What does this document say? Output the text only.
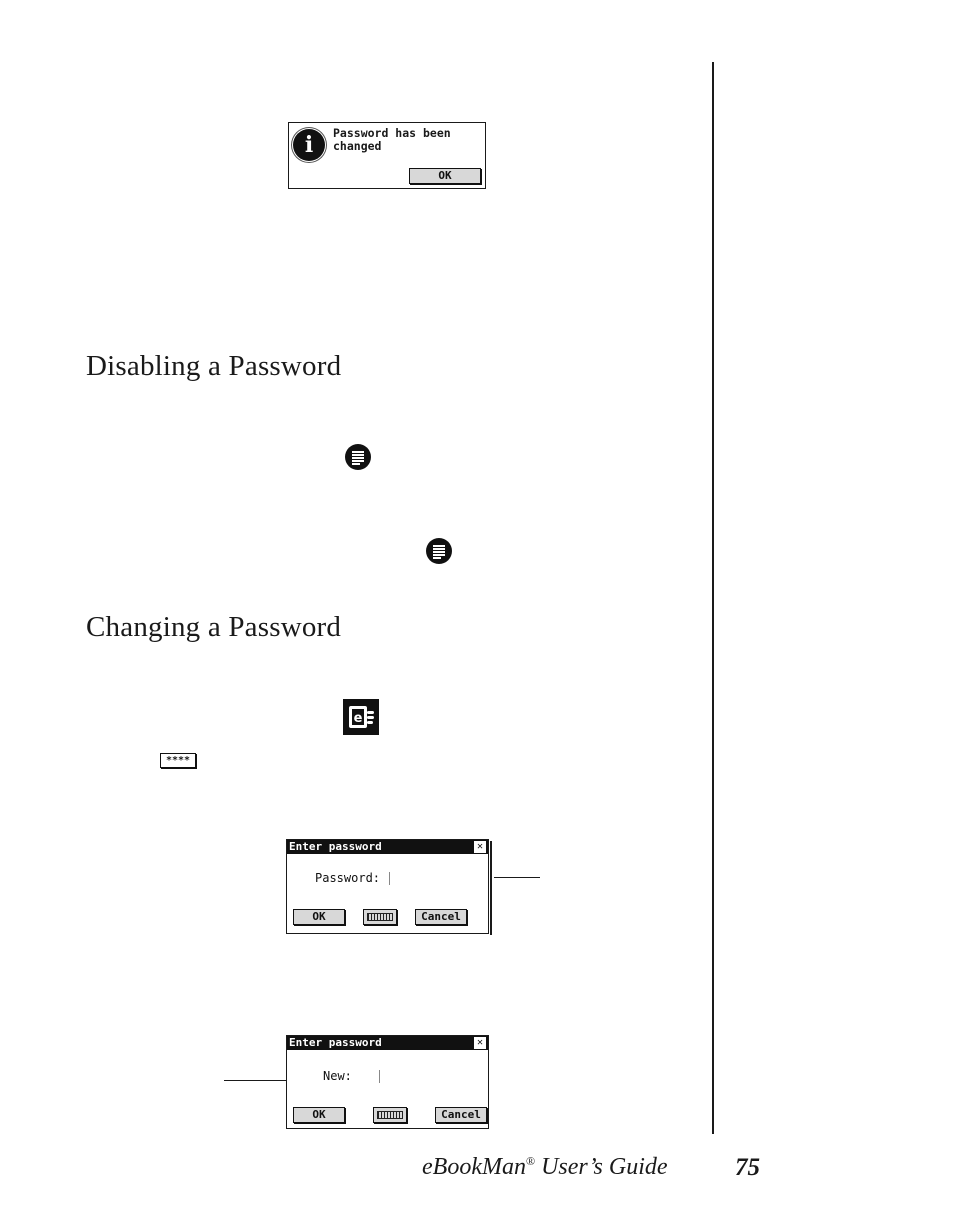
i	Password has been changed
OK
Disabling a Password
Changing a Password
e
****
Enter password	✕
Password:
OK	Cancel
Enter password	✕
New:
OK	Cancel
eBookMan® User’s Guide	75
